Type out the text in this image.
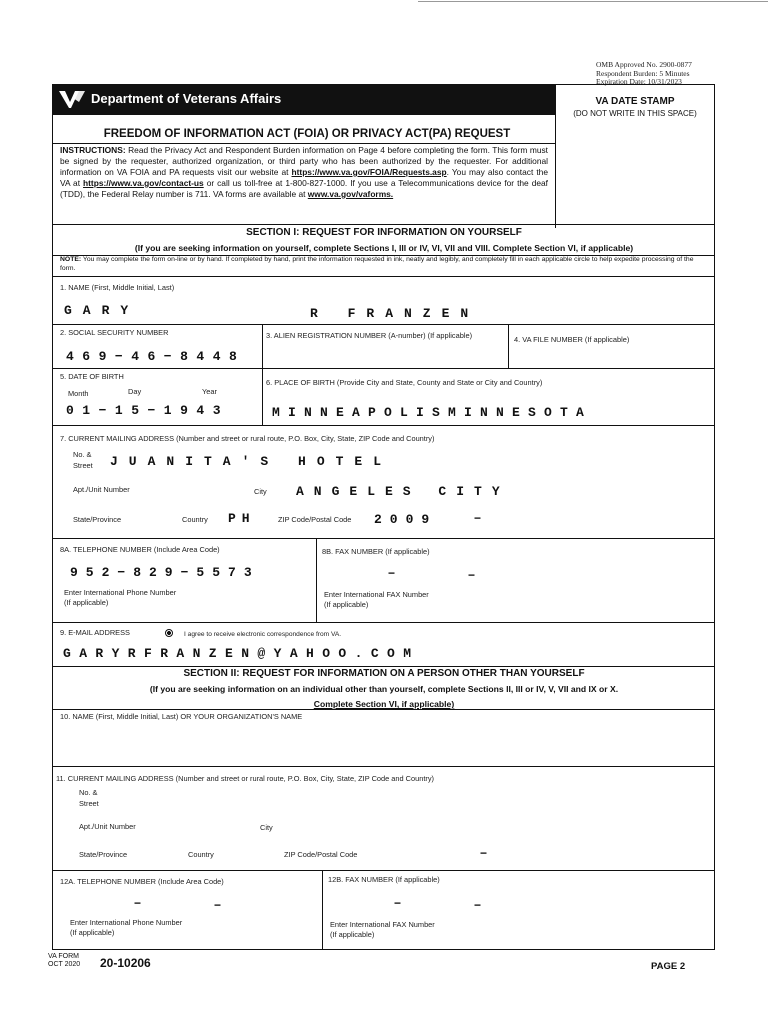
OMB Approved No. 2900-0877
Respondent Burden: 5 Minutes
Expiration Date: 10/31/2023
Department of Veterans Affairs	VA DATE STAMP
(DO NOT WRITE IN THIS SPACE)
FREEDOM OF INFORMATION ACT (FOIA) OR PRIVACY ACT(PA) REQUEST
INSTRUCTIONS: Read the Privacy Act and Respondent Burden information on Page 4 before completing the form. This form must be signed by the requester, authorized organization, or third party who has been authorized by the requester. For additional information on VA FOIA and PA requests visit our website at https://www.va.gov/FOIA/Requests.asp. You may also contact the VA at https://www.va.gov/contact-us or call us toll-free at 1-800-827-1000. If you use a Telecommunications device for the deaf (TDD), the Federal Relay number is 711. VA forms are available at www.va.gov/vaforms.
SECTION I: REQUEST FOR INFORMATION ON YOURSELF
(If you are seeking information on yourself, complete Sections I, III or IV, VI, VII and VIII. Complete Section VI, if applicable)
NOTE: You may complete the form on-line or by hand. If completed by hand, print the information requested in ink, neatly and legibly, and completely fill in each applicable circle to help expedite processing of the form.
1. NAME (First, Middle Initial, Last)
GARY	R FRANZEN
2. SOCIAL SECURITY NUMBER
469−46−8448
3. ALIEN REGISTRATION NUMBER (A-number) (If applicable)	4. VA FILE NUMBER (If applicable)
5. DATE OF BIRTH
Month	Day	Year
01−15−1943
6. PLACE OF BIRTH (Provide City and State, County and State or City and Country)
MINNEAPOLISMINNESOTA
7. CURRENT MAILING ADDRESS (Number and street or rural route, P.O. Box, City, State, ZIP Code and Country)
No. &
Street JUANITA'S HOTEL
Apt./Unit Number	City ANGELES CITY
State/Province	Country PH	ZIP Code/Postal Code 2009	−
8A. TELEPHONE NUMBER (Include Area Code)
952−829−5573
Enter International Phone Number
(If applicable)
8B. FAX NUMBER (If applicable)
−	−
Enter International FAX Number
(If applicable)
9. E-MAIL ADDRESS	I agree to receive electronic correspondence from VA.
GARYRFRANZEN@YAHOO.COM
SECTION II: REQUEST FOR INFORMATION ON A PERSON OTHER THAN YOURSELF
(If you are seeking information on an individual other than yourself, complete Sections II, III or IV, V, VII and IX or X.
Complete Section VI, if applicable)
10. NAME (First, Middle Initial, Last) OR YOUR ORGANIZATION'S NAME
11. CURRENT MAILING ADDRESS (Number and street or rural route, P.O. Box, City, State, ZIP Code and Country)
No. &
Street
Apt./Unit Number	City
State/Province	Country	ZIP Code/Postal Code	−
12A. TELEPHONE NUMBER (Include Area Code)
−	−
Enter International Phone Number
(If applicable)
12B. FAX NUMBER (If applicable)
−	−
Enter International FAX Number
(If applicable)
VA FORM
OCT 2020 20-10206	PAGE 2
